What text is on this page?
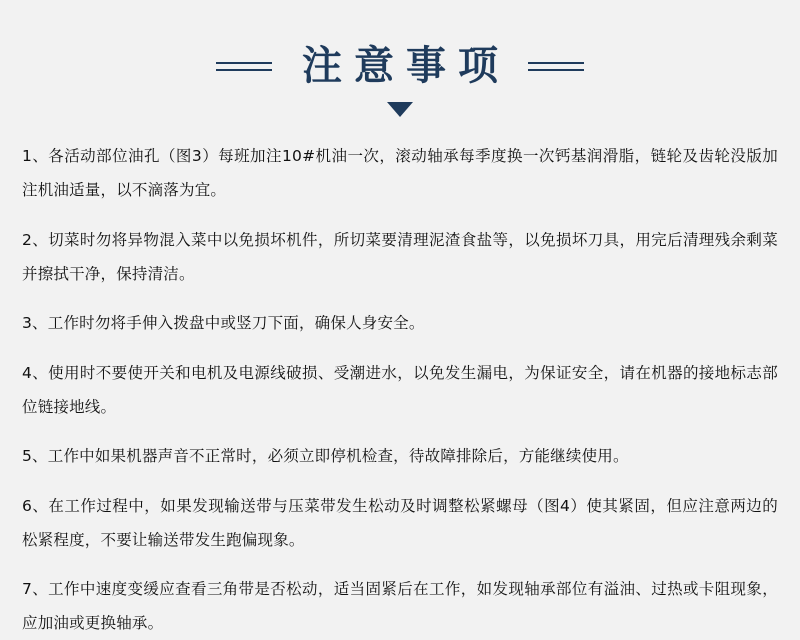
注意事项

1、各活动部位油孔（图3）每班加注10#机油一次，滚动轴承每季度换一次钙基润滑脂，链轮及齿轮没版加注机油适量，以不滴落为宜。

2、切菜时勿将异物混入菜中以免损坏机件，所切菜要清理泥渣食盐等，以免损坏刀具，用完后清理残余剩菜并擦拭干净，保持清洁。

3、工作时勿将手伸入拨盘中或竖刀下面，确保人身安全。

4、使用时不要使开关和电机及电源线破损、受潮进水，以免发生漏电，为保证安全，请在机器的接地标志部位链接地线。

5、工作中如果机器声音不正常时，必须立即停机检查，待故障排除后，方能继续使用。

6、在工作过程中，如果发现输送带与压菜带发生松动及时调整松紧螺母（图4）使其紧固，但应注意两边的松紧程度，不要让输送带发生跑偏现象。

7、工作中速度变缓应查看三角带是否松动，适当固紧后在工作，如发现轴承部位有溢油、过热或卡阻现象，应加油或更换轴承。
